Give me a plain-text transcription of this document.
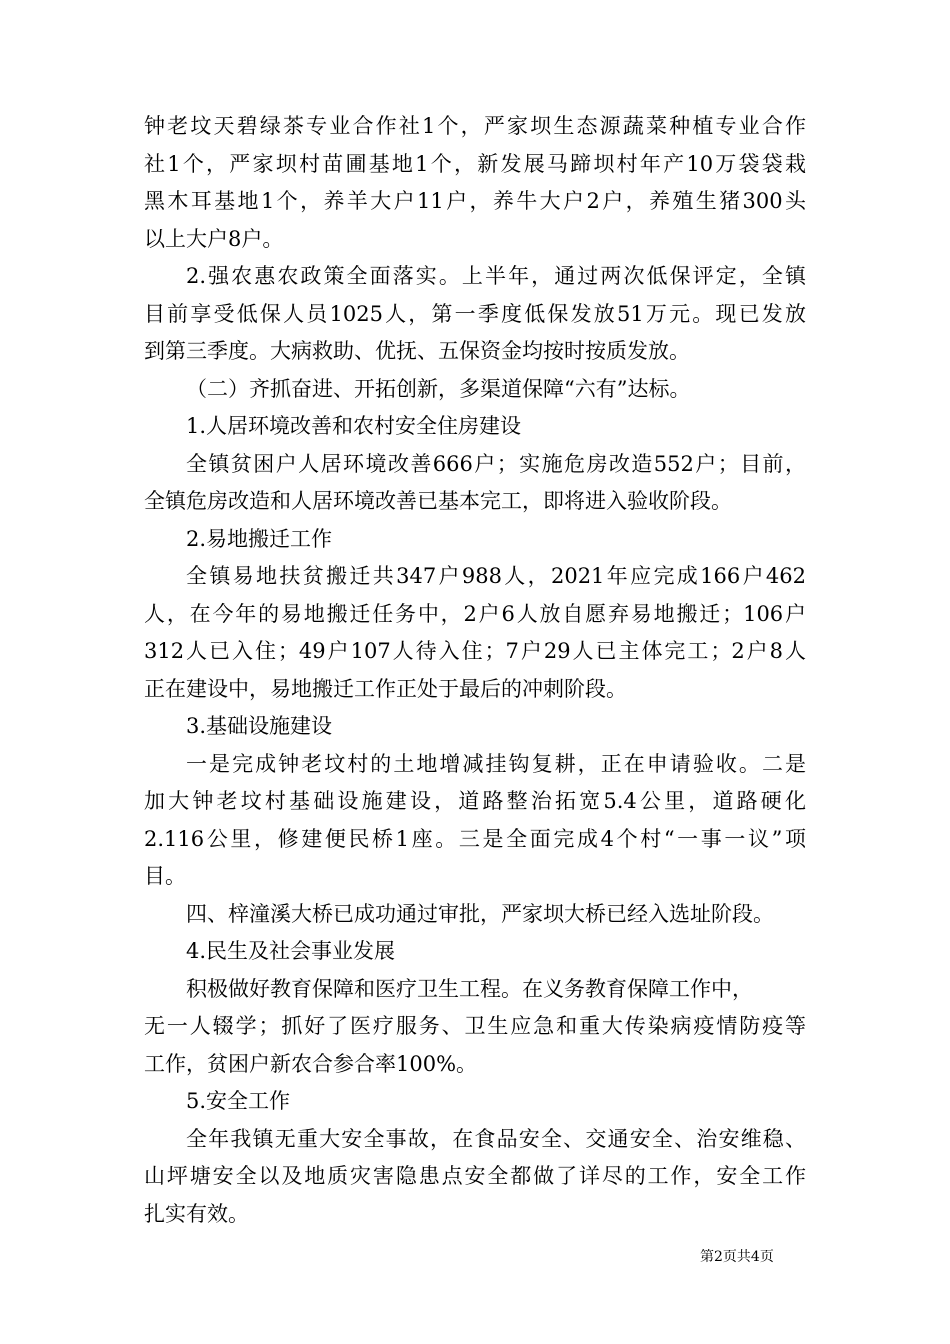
钟老坟天碧绿茶专业合作社1个，严家坝生态源蔬菜种植专业合作
社1个，严家坝村苗圃基地1个，新发展马蹄坝村年产10万袋袋栽
黑木耳基地1个，养羊大户11户，养牛大户2户，养殖生猪300头
以上大户8户。
2.强农惠农政策全面落实。上半年，通过两次低保评定，全镇
目前享受低保人员1025人，第一季度低保发放51万元。现已发放
到第三季度。大病救助、优抚、五保资金均按时按质发放。
（二）齐抓奋进、开拓创新，多渠道保障“六有”达标。
1.人居环境改善和农村安全住房建设
全镇贫困户人居环境改善666户；实施危房改造552户；目前，
全镇危房改造和人居环境改善已基本完工，即将进入验收阶段。
2.易地搬迁工作
全镇易地扶贫搬迁共347户988人，2021年应完成166户462
人，在今年的易地搬迁任务中，2户6人放自愿弃易地搬迁；106户
312人已入住；49户107人待入住；7户29人已主体完工；2户8人
正在建设中，易地搬迁工作正处于最后的冲刺阶段。
3.基础设施建设
一是完成钟老坟村的土地增减挂钩复耕，正在申请验收。二是
加大钟老坟村基础设施建设，道路整治拓宽5.4公里，道路硬化
2.116公里，修建便民桥1座。三是全面完成4个村“一事一议”项
目。
四、梓潼溪大桥已成功通过审批，严家坝大桥已经入选址阶段。
4.民生及社会事业发展
积极做好教育保障和医疗卫生工程。在义务教育保障工作中，
无一人辍学；抓好了医疗服务、卫生应急和重大传染病疫情防疫等
工作，贫困户新农合参合率100%。
5.安全工作
全年我镇无重大安全事故，在食品安全、交通安全、治安维稳、
山坪塘安全以及地质灾害隐患点安全都做了详尽的工作，安全工作
扎实有效。
第2页共4页
